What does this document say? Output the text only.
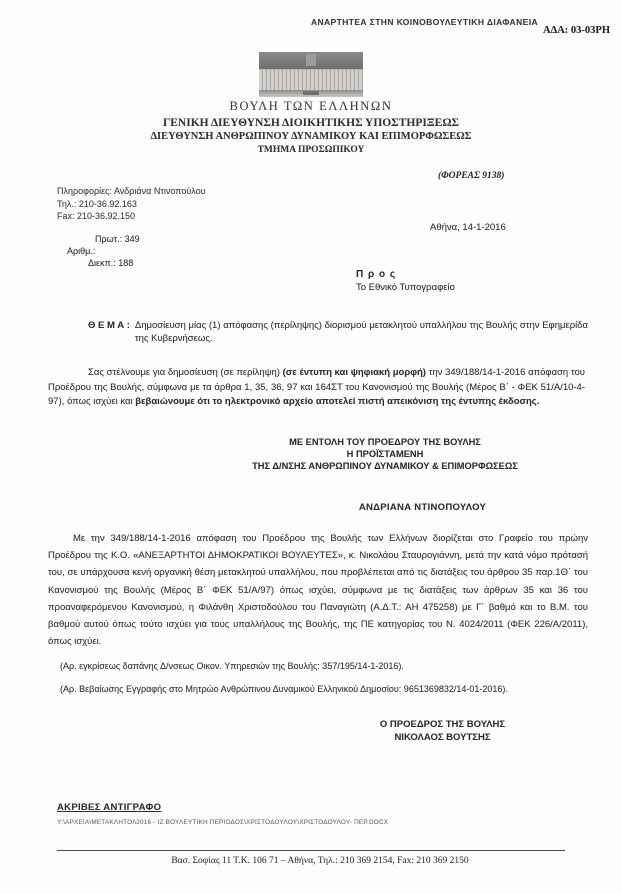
ΑΝΑΡΤΗΤΕΑ ΣΤΗΝ ΚΟΙΝΟΒΟΥΛΕΥΤΙΚΗ ΔΙΑΦΑΝΕΙΑ
ΑΔΑ: 03-03PH
ΒΟΥΛΗ ΤΩΝ ΕΛΛΗΝΩΝ
ΓΕΝΙΚΗ ΔΙΕΥΘΥΝΣΗ ΔΙΟΙΚΗΤΙΚΗΣ ΥΠΟΣΤΗΡΙΞΕΩΣ
ΔΙΕΥΘΥΝΣΗ ΑΝΘΡΩΠΙΝΟΥ ΔΥΝΑΜΙΚΟΥ ΚΑΙ ΕΠΙΜΟΡΦΩΣΕΩΣ
ΤΜΗΜΑ ΠΡΟΣΩΠΙΚΟΥ
(ΦΟΡΕΑΣ 9138)
Πληροφορίες: Ανδριάνα Ντινοπούλου
Τηλ.: 210-36.92.163
Fax: 210-36.92.150
Αθήνα, 14-1-2016
Πρωτ.: 349
Αριθμ.:
Διεκπ.: 188
Π ρ ο ς
Το Εθνικό Τυπογραφείο
Θ Ε Μ Α : Δημοσίευση μίας (1) απόφασης (περίληψης) διορισμού μετακλητού υπαλλήλου της Βουλής στην Εφημερίδα της Κυβερνήσεως.
Σας στέλνουμε για δημοσίευση (σε περίληψη) (σε έντυπη και ψηφιακή μορφή) την 349/188/14-1-2016 απόφαση του Προέδρου της Βουλής, σύμφωνα με τα άρθρα 1, 35, 36, 97 και 164ΣΤ του Κανονισμού της Βουλής (Μέρος Β΄ - ΦΕΚ 51/Α/10-4-97), όπως ισχύει και βεβαιώνουμε ότι το ηλεκτρονικό αρχείο αποτελεί πιστή απεικόνιση της έντυπης έκδοσης.
ΜΕ ΕΝΤΟΛΗ ΤΟΥ ΠΡΟΕΔΡΟΥ ΤΗΣ ΒΟΥΛΗΣ
Η ΠΡΟΪΣΤΑΜΕΝΗ
ΤΗΣ Δ/ΝΣΗΣ ΑΝΘΡΩΠΙΝΟΥ ΔΥΝΑΜΙΚΟΥ & ΕΠΙΜΟΡΦΩΣΕΩΣ
ΑΝΔΡΙΑΝΑ ΝΤΙΝΟΠΟΥΛΟΥ
Με την 349/188/14-1-2016 απόφαση του Προέδρου της Βουλής των Ελλήνων διορίζεται στο Γραφείο του πρώην Προέδρου της Κ.Ο. «ΑΝΕΞΑΡΤΗΤΟΙ ΔΗΜΟΚΡΑΤΙΚΟΙ ΒΟΥΛΕΥΤΕΣ», κ. Νικολάου Σταυρογιάννη, μετά την κατά νόμο πρότασή του, σε υπάρχουσα κενή οργανική θέση μετακλητού υπαλλήλου, που προβλέπεται από τις διατάξεις του άρθρου 35 παρ.1Θ΄ του Κανονισμού της Βουλής (Μέρος Β΄ ΦΕΚ 51/Α/97) όπως ισχύει, σύμφωνα με τις διατάξεις των άρθρων 35 και 36 του προαναφερόμενου Κανονισμού, η Φιλάνθη Χριστοδούλου του Παναγιώτη (Α.Δ.Τ.: ΑΗ 475258) με Γ΄ βαθμό και το Β.Μ. του βαθμού αυτού όπως τούτο ισχύει για τους υπαλλήλους της Βουλής, της ΠΕ κατηγορίας του Ν. 4024/2011 (ΦΕΚ 226/Α/2011), όπως ισχύει.
(Αρ. εγκρίσεως δαπάνης Δ/νσεως Οικον. Υπηρεσιών της Βουλής: 357/195/14-1-2016).
(Αρ. Βεβαίωσης Εγγραφής στο Μητρώο Ανθρώπινου Δυναμικού Ελληνικού Δημοσίου: 9651369832/14-01-2016).
Ο ΠΡΟΕΔΡΟΣ ΤΗΣ ΒΟΥΛΗΣ
ΝΙΚΟΛΑΟΣ ΒΟΥΤΣΗΣ
ΑΚΡΙΒΕΣ ΑΝΤΙΓΡΑΦΟ
Υ:\ΑΡΧΕΙΑ\ΜΕΤΑΚΛΗΤΟΙ\2016 - ΙΖ ΒΟΥΛΕΥΤΙΚΗ ΠΕΡΙΟΔΟΣ\ΧΡΙΣΤΟΔΟΥΛΟΥ\ΧΡΙΣΤΟΔΟΥΛΟΥ- ΠΕΡ.DOCX
Βασ. Σοφίας 11 Τ.Κ. 106 71 – Αθήνα, Τηλ.: 210 369 2154, Fax: 210 369 2150
